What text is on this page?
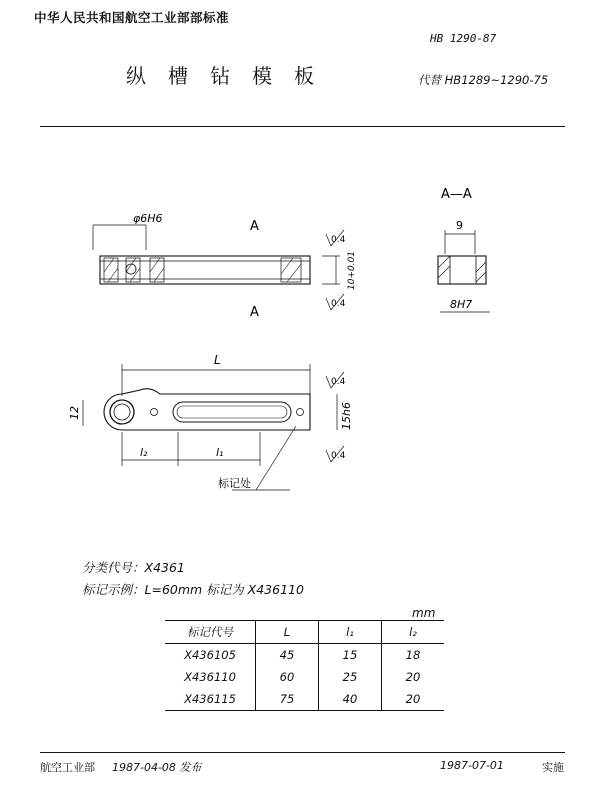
中华人民共和国航空工业部部标准
纵槽钻模板
HB 1290-87
代替 HB1289~1290-75
φ6H6
A
A
0.4
0.4
10+0.01
A—A
9
8H7
L
l₂	l₁
12	15h6
0.4
0.4
标记处
分类代号：X4361
标记示例：L=60mm 标记为 X436110
mm
标记代号	L	l₁	l₂
X436105	45	15	18
X436110	60	25	20
X436115	75	40	20
航空工业部 1987-04-08 发布	1987-07-01	实施
